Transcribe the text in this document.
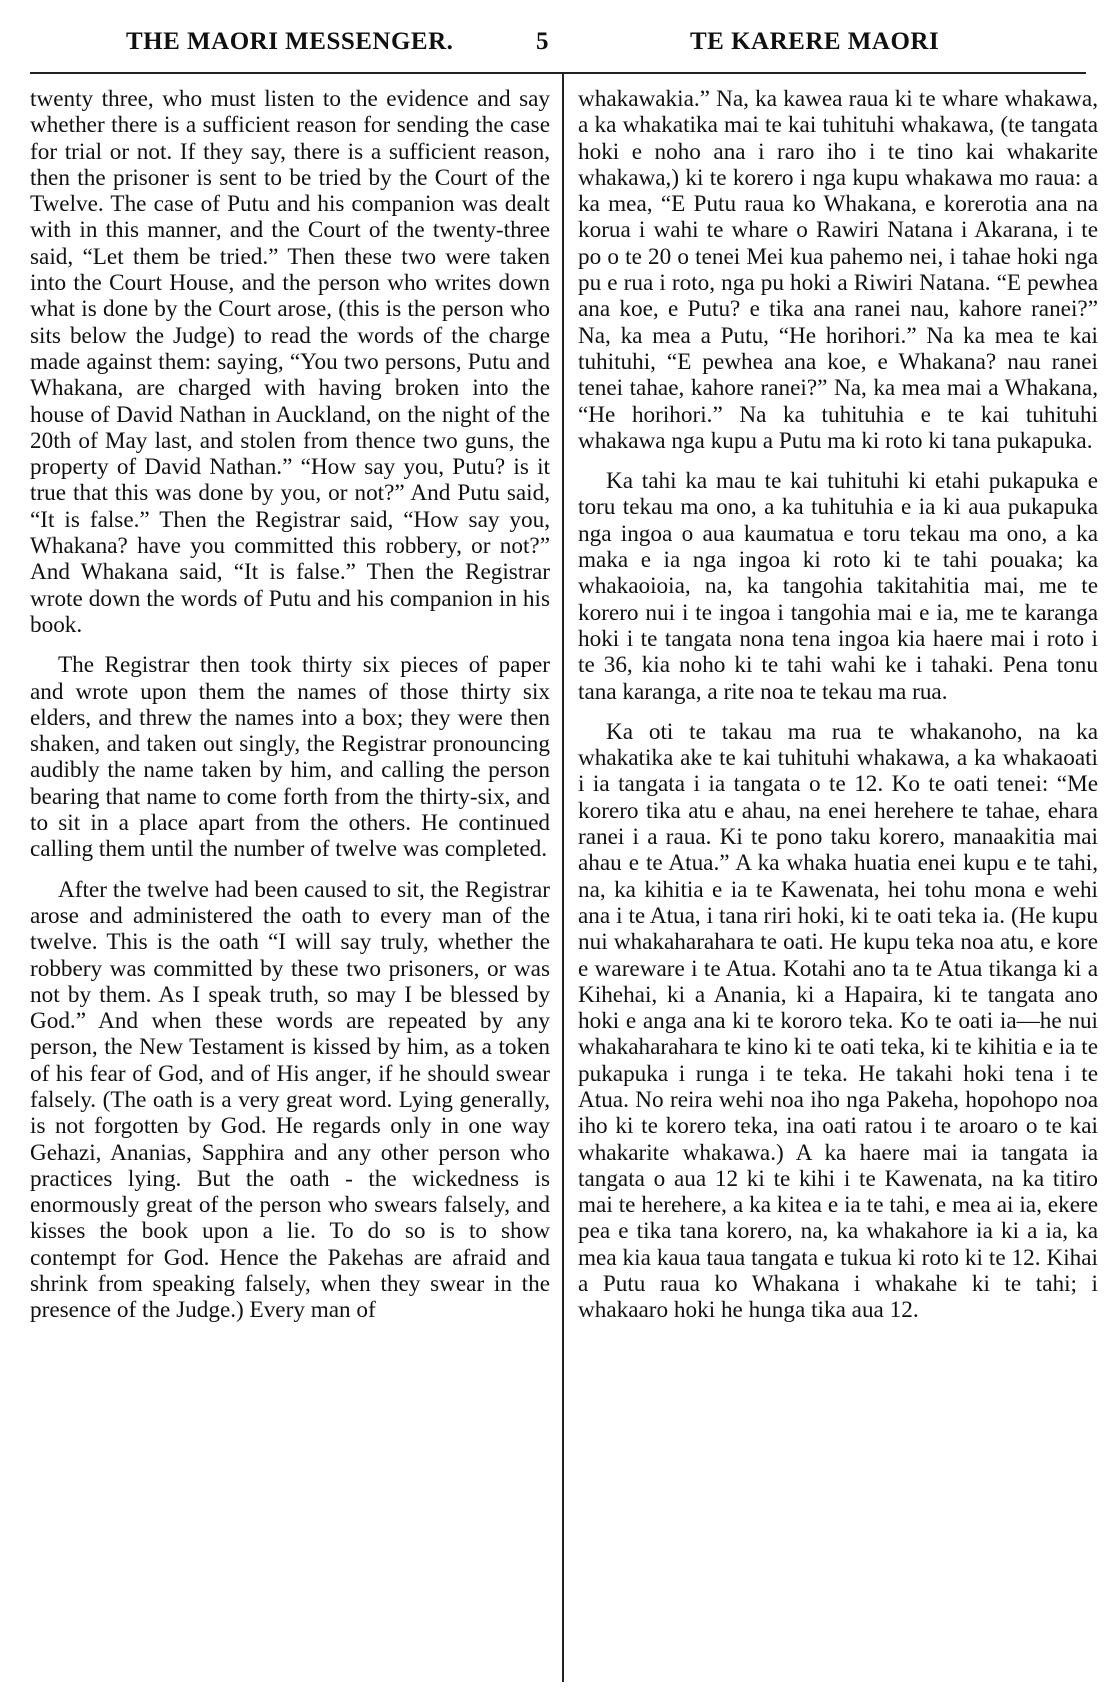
THE MAORI MESSENGER.	5	TE KARERE MAORI

twenty three, who must listen to the evidence and say whether there is a sufficient reason for sending the case for trial or not. If they say, there is a sufficient reason, then the prisoner is sent to be tried by the Court of the Twelve. The case of Putu and his companion was dealt with in this manner, and the Court of the twenty-three said, “Let them be tried.” Then these two were taken into the Court House, and the person who writes down what is done by the Court arose, (this is the person who sits below the Judge) to read the words of the charge made against them: saying, “You two persons, Putu and Whakana, are charged with having broken into the house of David Nathan in Auckland, on the night of the 20th of May last, and stolen from thence two guns, the property of David Nathan.” “How say you, Putu? is it true that this was done by you, or not?” And Putu said, “It is false.” Then the Registrar said, “How say you, Whakana? have you committed this robbery, or not?” And Whakana said, “It is false.” Then the Registrar wrote down the words of Putu and his companion in his book.

The Registrar then took thirty six pieces of paper and wrote upon them the names of those thirty six elders, and threw the names into a box; they were then shaken, and taken out singly, the Registrar pronouncing audibly the name taken by him, and calling the person bearing that name to come forth from the thirty-six, and to sit in a place apart from the others. He continued calling them until the number of twelve was completed.

After the twelve had been caused to sit, the Registrar arose and administered the oath to every man of the twelve. This is the oath “I will say truly, whether the robbery was committed by these two prisoners, or was not by them. As I speak truth, so may I be blessed by God.” And when these words are repeated by any person, the New Testament is kissed by him, as a token of his fear of God, and of His anger, if he should swear falsely. (The oath is a very great word. Lying generally, is not forgotten by God. He regards only in one way Gehazi, Ananias, Sapphira and any other person who practices lying. But the oath - the wickedness is enormously great of the person who swears falsely, and kisses the book upon a lie. To do so is to show contempt for God. Hence the Pakehas are afraid and shrink from speaking falsely, when they swear in the presence of the Judge.) Every man of

whakawakia.” Na, ka kawea raua ki te whare whakawa, a ka whakatika mai te kai tuhituhi whakawa, (te tangata hoki e noho ana i raro iho i te tino kai whakarite whakawa,) ki te korero i nga kupu whakawa mo raua: a ka mea, “E Putu raua ko Whakana, e korerotia ana na korua i wahi te whare o Rawiri Natana i Akarana, i te po o te 20 o tenei Mei kua pahemo nei, i tahae hoki nga pu e rua i roto, nga pu hoki a Riwiri Natana. “E pewhea ana koe, e Putu? e tika ana ranei nau, kahore ranei?” Na, ka mea a Putu, “He horihori.” Na ka mea te kai tuhituhi, “E pewhea ana koe, e Whakana? nau ranei tenei tahae, kahore ranei?” Na, ka mea mai a Whakana, “He horihori.” Na ka tuhituhia e te kai tuhituhi whakawa nga kupu a Putu ma ki roto ki tana pukapuka.

Ka tahi ka mau te kai tuhituhi ki etahi pukapuka e toru tekau ma ono, a ka tuhituhia e ia ki aua pukapuka nga ingoa o aua kaumatua e toru tekau ma ono, a ka maka e ia nga ingoa ki roto ki te tahi pouaka; ka whakaoioia, na, ka tangohia takitahitia mai, me te korero nui i te ingoa i tangohia mai e ia, me te karanga hoki i te tangata nona tena ingoa kia haere mai i roto i te 36, kia noho ki te tahi wahi ke i tahaki. Pena tonu tana karanga, a rite noa te tekau ma rua.

Ka oti te takau ma rua te whakanoho, na ka whakatika ake te kai tuhituhi whakawa, a ka whakaoati i ia tangata i ia tangata o te 12. Ko te oati tenei: “Me korero tika atu e ahau, na enei herehere te tahae, ehara ranei i a raua. Ki te pono taku korero, manaakitia mai ahau e te Atua.” A ka whaka huatia enei kupu e te tahi, na, ka kihitia e ia te Kawenata, hei tohu mona e wehi ana i te Atua, i tana riri hoki, ki te oati teka ia. (He kupu nui whakaharahara te oati. He kupu teka noa atu, e kore e wareware i te Atua. Kotahi ano ta te Atua tikanga ki a Kihehai, ki a Anania, ki a Hapaira, ki te tangata ano hoki e anga ana ki te kororo teka. Ko te oati ia—he nui whakaharahara te kino ki te oati teka, ki te kihitia e ia te pukapuka i runga i te teka. He takahi hoki tena i te Atua. No reira wehi noa iho nga Pakeha, hopohopo noa iho ki te korero teka, ina oati ratou i te aroaro o te kai whakarite whakawa.) A ka haere mai ia tangata ia tangata o aua 12 ki te kihi i te Kawenata, na ka titiro mai te herehere, a ka kitea e ia te tahi, e mea ai ia, ekere pea e tika tana korero, na, ka whakahore ia ki a ia, ka mea kia kaua taua tangata e tukua ki roto ki te 12. Kihai a Putu raua ko Whakana i whakahe ki te tahi; i whakaaro hoki he hunga tika aua 12.
